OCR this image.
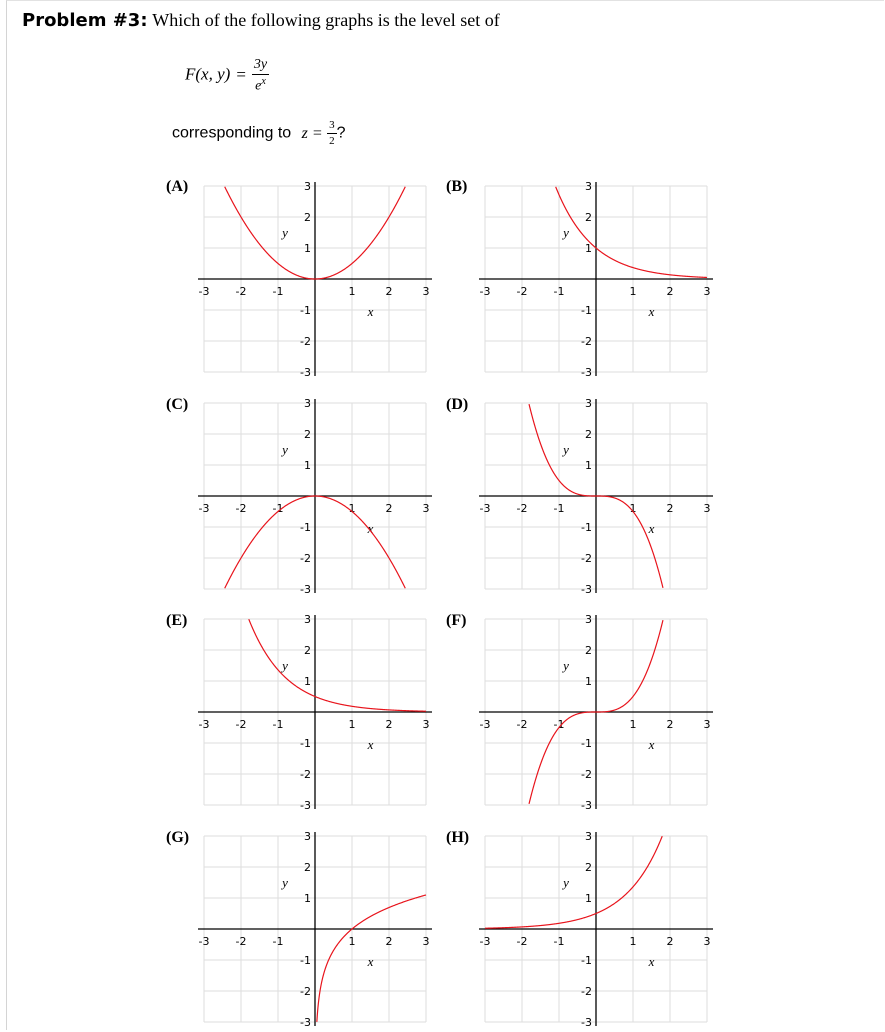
Problem #3: Which of the following graphs is the level set of
F(x, $y) = \frac{3y}{e^x}$
corresponding to $z = \frac{3}{2}$ ?
(A)
-3 -2 -1	1	2	3
3
2
1
-1
-2
-3
x
y
(B)
-3 -2 -1	1	2	3
3
2
1
-1
-2
-3
x
y
(C)
-3 -2 -1	1	2	3
3
2
1
-1
-2
-3
x
y
(D)
-3 -2 -1	1	2	3
3
2
1
-1
-2
-3
x
y
(E)
-3 -2 -1	1	2	3
3
2
1
-1
-2
-3
x
y
(F)
-3 -2 -1	1	2	3
3
2
1
-1
-2
-3
x
y
(G)
-3 -2 -1	1	2	3
3
2
1
-1
-2
-3
x
y
(H)
-3 -2 -1	1	2	3
3
2
1
-1
-2
-3
x
y
